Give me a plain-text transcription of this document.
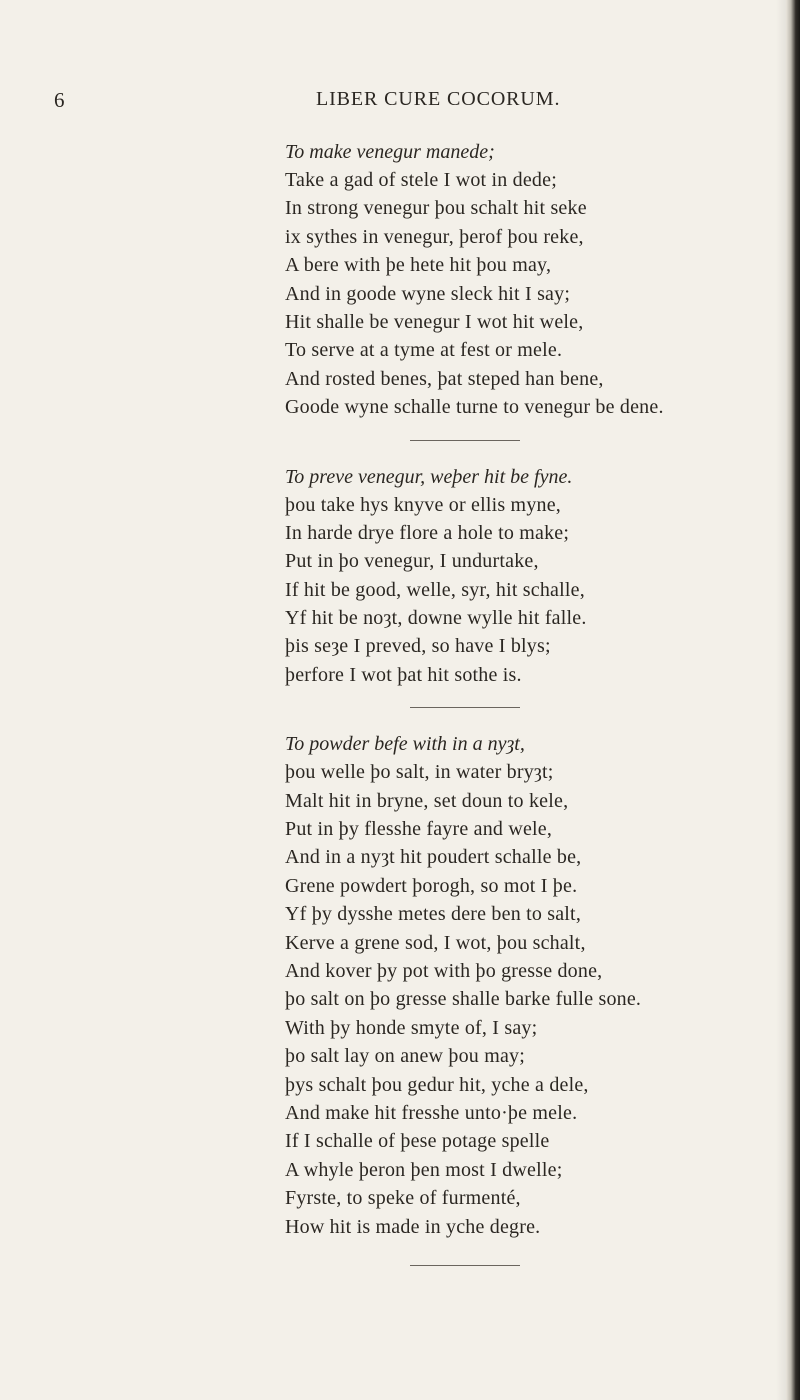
6	LIBER CURE COCORUM.
To make venegur manede;
Take a gad of stele I wot in dede;
In strong venegur þou schalt hit seke
ix sythes in venegur, þerof þou reke,
A bere with þe hete hit þou may,
And in goode wyne sleck hit I say;
Hit shalle be venegur I wot hit wele,
To serve at a tyme at fest or mele.
And rosted benes, þat steped han bene,
Goode wyne schalle turne to venegur be dene.
To preve venegur, weþer hit be fyne.
þou take hys knyve or ellis myne,
In harde drye flore a hole to make;
Put in þo venegur, I undurtake,
If hit be good, welle, syr, hit schalle,
Yf hit be noȝt, downe wylle hit falle.
þis seȝe I preved, so have I blys;
þerfore I wot þat hit sothe is.
To powder befe with in a nyȝt,
þou welle þo salt, in water bryȝt;
Malt hit in bryne, set doun to kele,
Put in þy flesshe fayre and wele,
And in a nyȝt hit poudert schalle be,
Grene powdert þorogh, so mot I þe.
Yf þy dysshe metes dere ben to salt,
Kerve a grene sod, I wot, þou schalt,
And kover þy pot with þo gresse done,
þo salt on þo gresse shalle barke fulle sone.
With þy honde smyte of, I say;
þo salt lay on anew þou may;
þys schalt þou gedur hit, yche a dele,
And make hit fresshe unto·þe mele.
If I schalle of þese potage spelle
A whyle þeron þen most I dwelle;
Fyrste, to speke of furmenté,
How hit is made in yche degre.
